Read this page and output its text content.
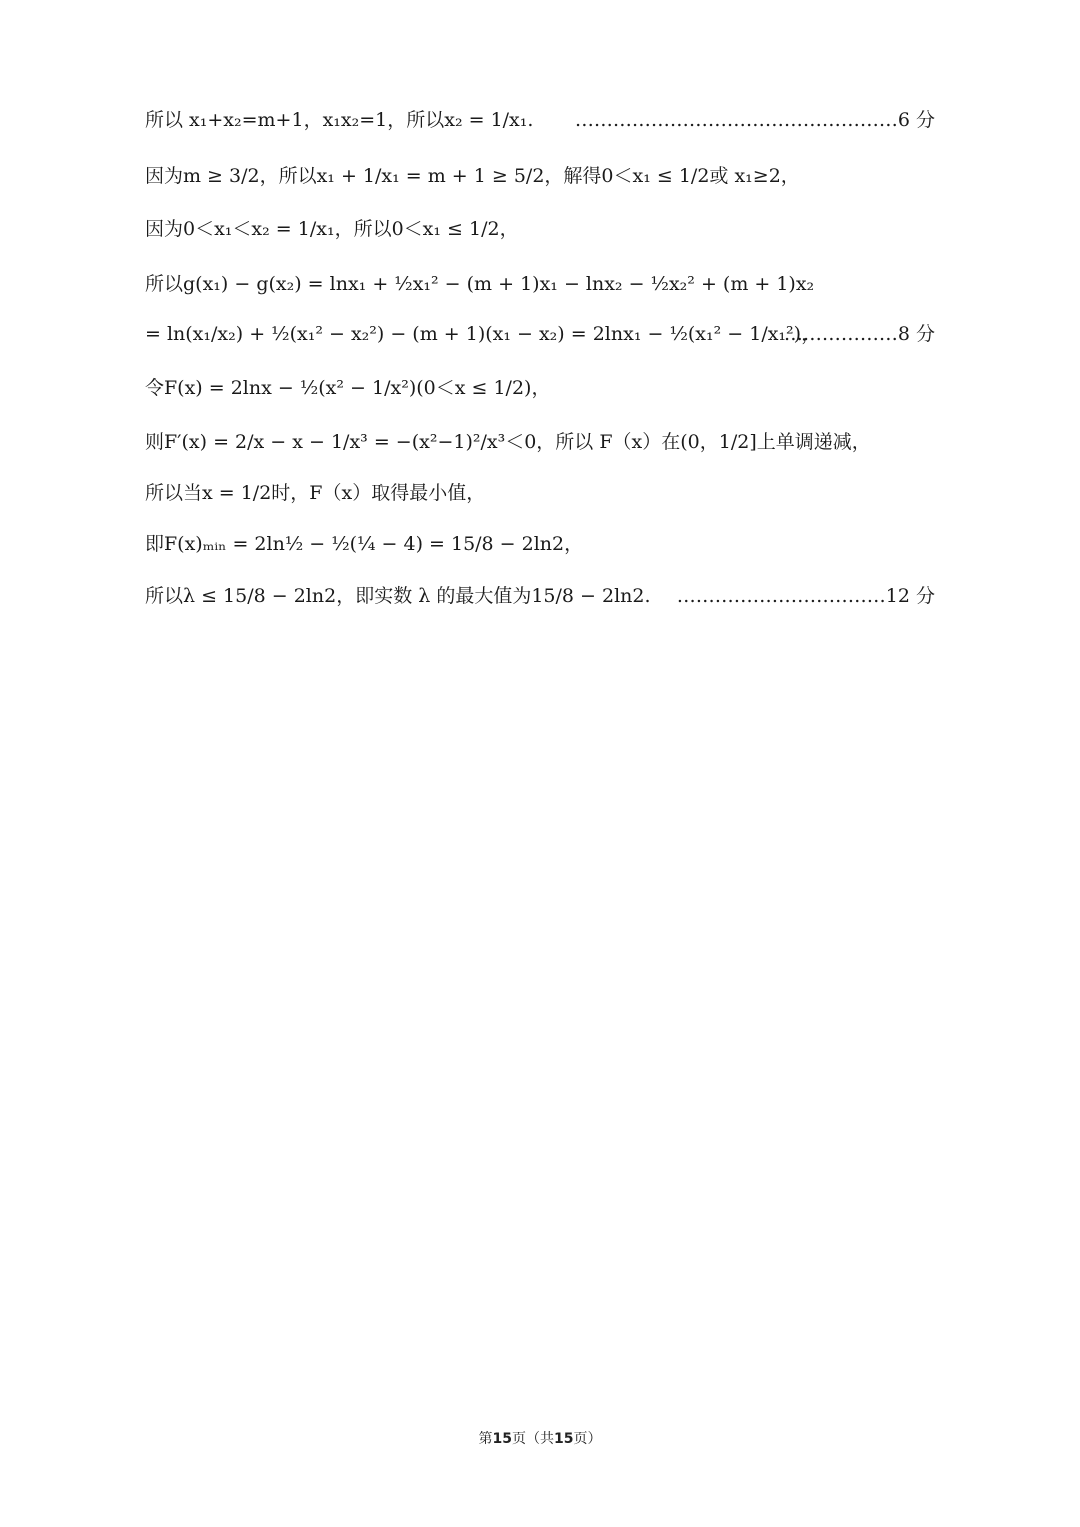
所以 x₁+x₂=m+1，x₁x₂=1，所以x₂ = 1/x₁.	……………………………………………6 分
因为m ≥ 3/2，所以x₁ + 1/x₁ = m + 1 ≥ 5/2，解得0＜x₁ ≤ 1/2或 x₁≥2，
因为0＜x₁＜x₂ = 1/x₁，所以0＜x₁ ≤ 1/2，
所以g(x₁) − g(x₂) = lnx₁ + ½x₁² − (m + 1)x₁ − lnx₂ − ½x₂² + (m + 1)x₂
= ln(x₁/x₂) + ½(x₁² − x₂²) − (m + 1)(x₁ − x₂) = 2lnx₁ − ½(x₁² − 1/x₁²)，
………………8 分
令F(x) = 2lnx − ½(x² − 1/x²)(0＜x ≤ 1/2)，
则F′(x) = 2/x − x − 1/x³ = −(x²−1)²/x³＜0，所以 F（x）在(0，1/2]上单调递减，
所以当x = 1/2时，F（x）取得最小值，
即F(x)ₘᵢₙ = 2ln½ − ½(¼ − 4) = 15/8 − 2ln2，
所以λ ≤ 15/8 − 2ln2，即实数 λ 的最大值为15/8 − 2ln2.	……………………………12 分
第15页（共15页）
